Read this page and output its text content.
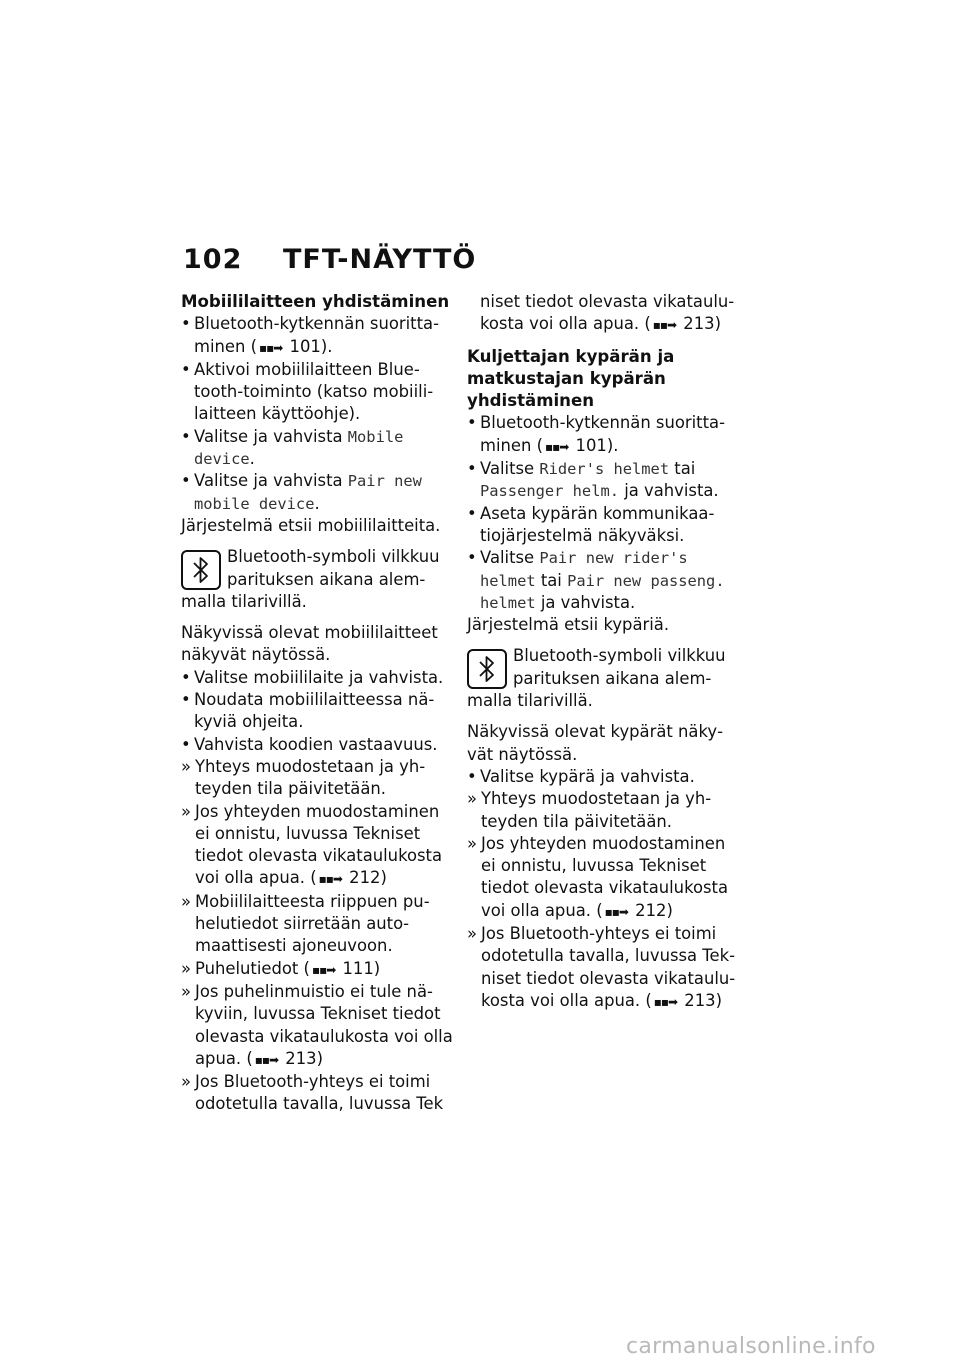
102	TFT-NÄYTTÖ
Mobiililaitteen yhdistäminen
• Bluetooth-kytkennän suorittaminen ( ▪▪➡ 101).
• Aktivoi mobiililaitteen Bluetooth-toiminto (katso mobiililaitteen käyttöohje).
• Valitse ja vahvista Mobile device.
• Valitse ja vahvista Pair new mobile device.
Järjestelmä etsii mobiililaitteita.
Bluetooth-symboli vilkkuu parituksen aikana alemmalla tilarivillä.
Näkyvissä olevat mobiililaitteet näkyvät näytössä.
• Valitse mobiililaite ja vahvista.
• Noudata mobiililaitteessa näkyviä ohjeita.
• Vahvista koodien vastaavuus.
» Yhteys muodostetaan ja yhteyden tila päivitetään.
» Jos yhteyden muodostaminen ei onnistu, luvussa Tekniset tiedot olevasta vikataulukosta voi olla apua. ( ▪▪➡ 212)
» Mobiililaitteesta riippuen puhelutiedot siirretään automaattisesti ajoneuvoon.
» Puhelutiedot ( ▪▪➡ 111)
» Jos puhelinmuistio ei tule näkyviin, luvussa Tekniset tiedot olevasta vikataulukosta voi olla apua. ( ▪▪➡ 213)
» Jos Bluetooth-yhteys ei toimi odotetulla tavalla, luvussa Tek
niset tiedot olevasta vikataulukosta voi olla apua. ( ▪▪➡ 213)
Kuljettajan kypärän ja matkustajan kypärän yhdistäminen
• Bluetooth-kytkennän suorittaminen ( ▪▪➡ 101).
• Valitse Rider's helmet tai Passenger helm. ja vahvista.
• Aseta kypärän kommunikaatiojärjestelmä näkyväksi.
• Valitse Pair new rider's helmet tai Pair new passeng. helmet ja vahvista.
Järjestelmä etsii kypäriä.
Bluetooth-symboli vilkkuu parituksen aikana alemmalla tilarivillä.
Näkyvissä olevat kypärät näkyvät näytössä.
• Valitse kypärä ja vahvista.
» Yhteys muodostetaan ja yhteyden tila päivitetään.
» Jos yhteyden muodostaminen ei onnistu, luvussa Tekniset tiedot olevasta vikataulukosta voi olla apua. ( ▪▪➡ 212)
» Jos Bluetooth-yhteys ei toimi odotetulla tavalla, luvussa Tekniset tiedot olevasta vikataulukosta voi olla apua. ( ▪▪➡ 213)
carmanualsonline.info
